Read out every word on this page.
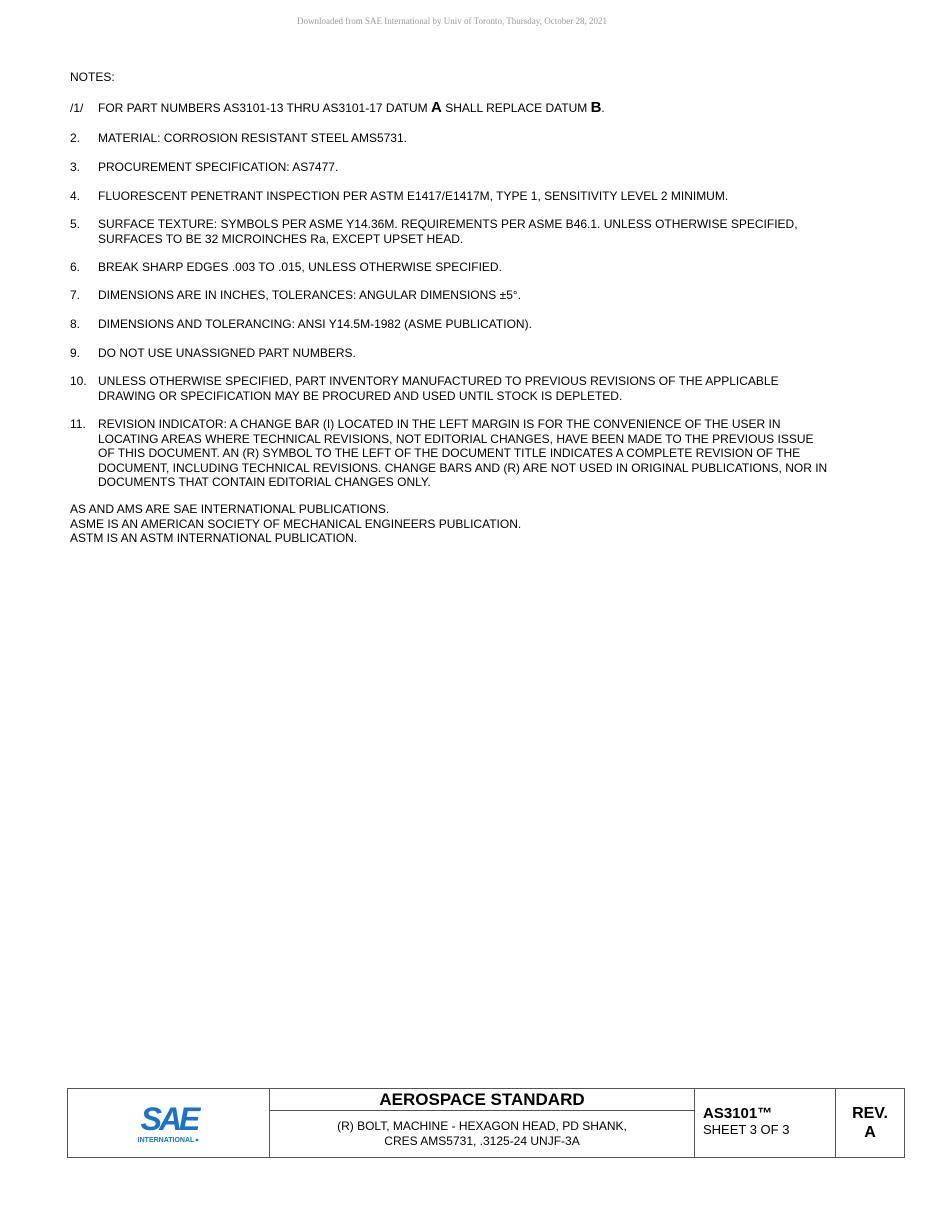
Downloaded from SAE International by Univ of Toronto, Thursday, October 28, 2021
NOTES:
/1/	FOR PART NUMBERS AS3101-13 THRU AS3101-17 DATUM A SHALL REPLACE DATUM B.
2.	MATERIAL: CORROSION RESISTANT STEEL AMS5731.
3.	PROCUREMENT SPECIFICATION: AS7477.
4.	FLUORESCENT PENETRANT INSPECTION PER ASTM E1417/E1417M, TYPE 1, SENSITIVITY LEVEL 2 MINIMUM.
5.	SURFACE TEXTURE: SYMBOLS PER ASME Y14.36M. REQUIREMENTS PER ASME B46.1. UNLESS OTHERWISE SPECIFIED, SURFACES TO BE 32 MICROINCHES Ra, EXCEPT UPSET HEAD.
6.	BREAK SHARP EDGES .003 TO .015, UNLESS OTHERWISE SPECIFIED.
7.	DIMENSIONS ARE IN INCHES, TOLERANCES: ANGULAR DIMENSIONS ±5°.
8.	DIMENSIONS AND TOLERANCING: ANSI Y14.5M-1982 (ASME PUBLICATION).
9.	DO NOT USE UNASSIGNED PART NUMBERS.
10. UNLESS OTHERWISE SPECIFIED, PART INVENTORY MANUFACTURED TO PREVIOUS REVISIONS OF THE APPLICABLE DRAWING OR SPECIFICATION MAY BE PROCURED AND USED UNTIL STOCK IS DEPLETED.
11.	REVISION INDICATOR: A CHANGE BAR (I) LOCATED IN THE LEFT MARGIN IS FOR THE CONVENIENCE OF THE USER IN LOCATING AREAS WHERE TECHNICAL REVISIONS, NOT EDITORIAL CHANGES, HAVE BEEN MADE TO THE PREVIOUS ISSUE OF THIS DOCUMENT. AN (R) SYMBOL TO THE LEFT OF THE DOCUMENT TITLE INDICATES A COMPLETE REVISION OF THE DOCUMENT, INCLUDING TECHNICAL REVISIONS. CHANGE BARS AND (R) ARE NOT USED IN ORIGINAL PUBLICATIONS, NOR IN DOCUMENTS THAT CONTAIN EDITORIAL CHANGES ONLY.
AS AND AMS ARE SAE INTERNATIONAL PUBLICATIONS.
ASME IS AN AMERICAN SOCIETY OF MECHANICAL ENGINEERS PUBLICATION.
ASTM IS AN ASTM INTERNATIONAL PUBLICATION.
SAE
INTERNATIONAL
AEROSPACE STANDARD
(R) BOLT, MACHINE - HEXAGON HEAD, PD SHANK,
CRES AMS5731, .3125-24 UNJF-3A
AS3101™
SHEET 3 OF 3
REV.
A
